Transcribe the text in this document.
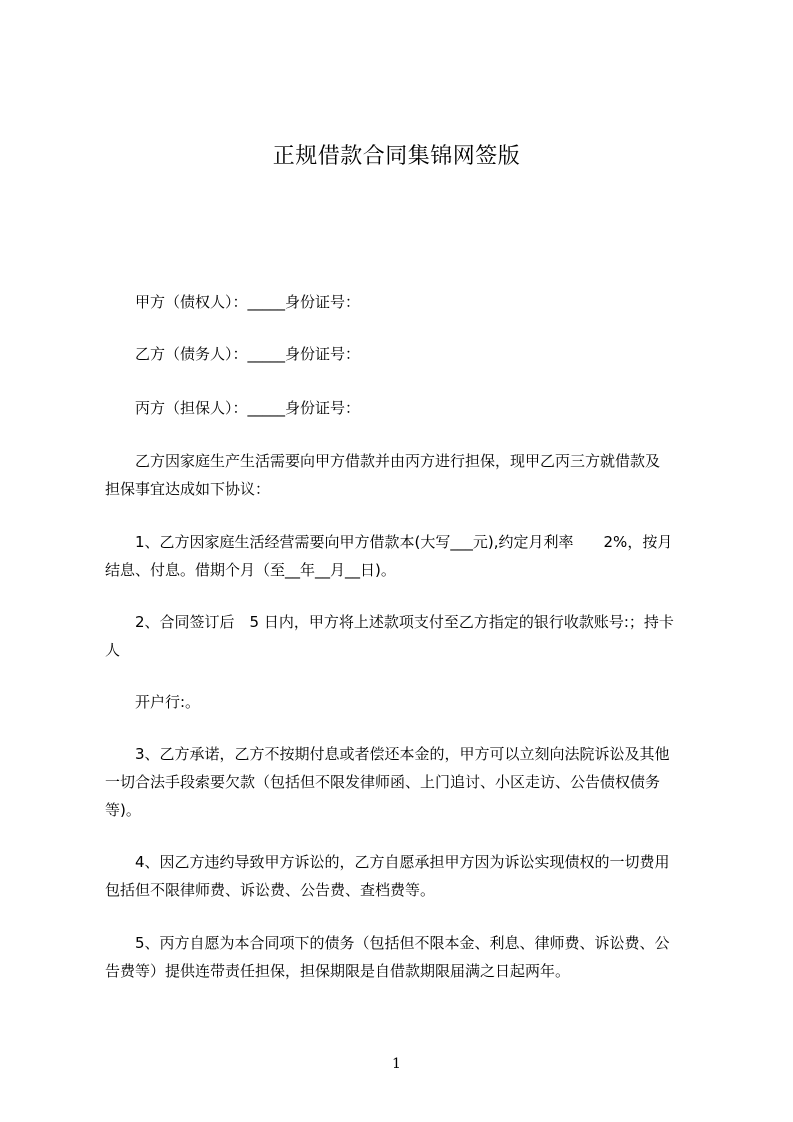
正规借款合同集锦网签版

甲方（债权人）：_____身份证号：

乙方（债务人）：_____身份证号：

丙方（担保人）：_____身份证号：

乙方因家庭生产生活需要向甲方借款并由丙方进行担保，现甲乙丙三方就借款及
担保事宜达成如下协议：
1、乙方因家庭生活经营需要向甲方借款本(大写___元),约定月利率　　2%，按月
结息、付息。借期个月（至__年__月__日)。
2、合同签订后　5 日内，甲方将上述款项支付至乙方指定的银行收款账号:；持卡
人
开户行:。
3、乙方承诺，乙方不按期付息或者偿还本金的，甲方可以立刻向法院诉讼及其他
一切合法手段索要欠款（包括但不限发律师函、上门追讨、小区走访、公告债权债务
等)。
4、因乙方违约导致甲方诉讼的，乙方自愿承担甲方因为诉讼实现债权的一切费用
包括但不限律师费、诉讼费、公告费、查档费等。
5、丙方自愿为本合同项下的债务（包括但不限本金、利息、律师费、诉讼费、公
告费等）提供连带责任担保，担保期限是自借款期限届满之日起两年。

1
